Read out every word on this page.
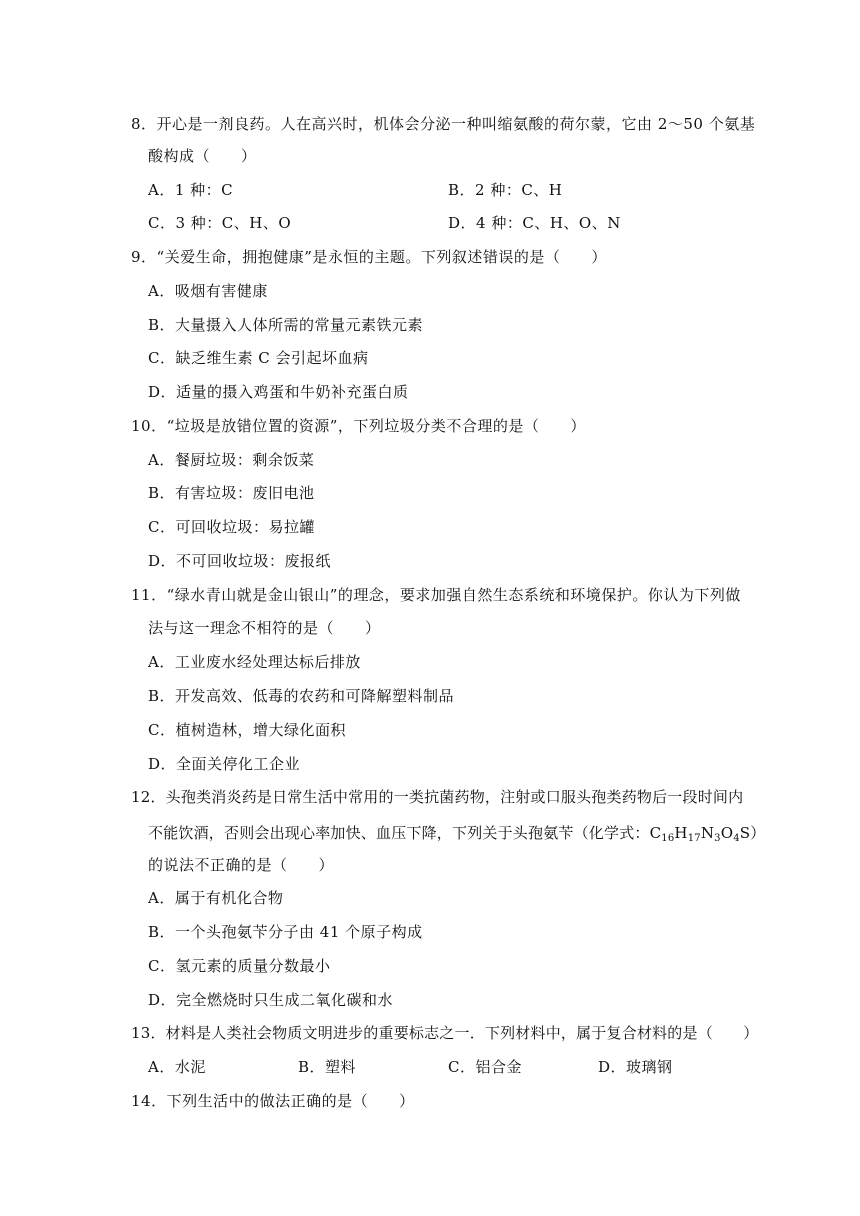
8．开心是一剂良药。人在高兴时，机体会分泌一种叫缩氨酸的荷尔蒙，它由 2～50 个氨基
酸构成（　　）
A．1 种：C	B．2 种：C、H
C．3 种：C、H、O	D．4 种：C、H、O、N
9．“关爱生命，拥抱健康”是永恒的主题。下列叙述错误的是（　　）
A．吸烟有害健康
B．大量摄入人体所需的常量元素铁元素
C．缺乏维生素 C 会引起坏血病
D．适量的摄入鸡蛋和牛奶补充蛋白质
10．“垃圾是放错位置的资源”，下列垃圾分类不合理的是（　　）
A．餐厨垃圾：剩余饭菜
B．有害垃圾：废旧电池
C．可回收垃圾：易拉罐
D．不可回收垃圾：废报纸
11．“绿水青山就是金山银山”的理念，要求加强自然生态系统和环境保护。你认为下列做
法与这一理念不相符的是（　　）
A．工业废水经处理达标后排放
B．开发高效、低毒的农药和可降解塑料制品
C．植树造林，增大绿化面积
D．全面关停化工企业
12．头孢类消炎药是日常生活中常用的一类抗菌药物，注射或口服头孢类药物后一段时间内
不能饮酒，否则会出现心率加快、血压下降，下列关于头孢氨苄（化学式：$C_{16}H_{17}N_3O_4S$）
的说法不正确的是（　　）
A．属于有机化合物
B．一个头孢氨苄分子由 41 个原子构成
C．氢元素的质量分数最小
D．完全燃烧时只生成二氧化碳和水
13．材料是人类社会物质文明进步的重要标志之一．下列材料中，属于复合材料的是（　　）
A．水泥	B．塑料	C．铝合金	D．玻璃钢
14．下列生活中的做法正确的是（　　）
